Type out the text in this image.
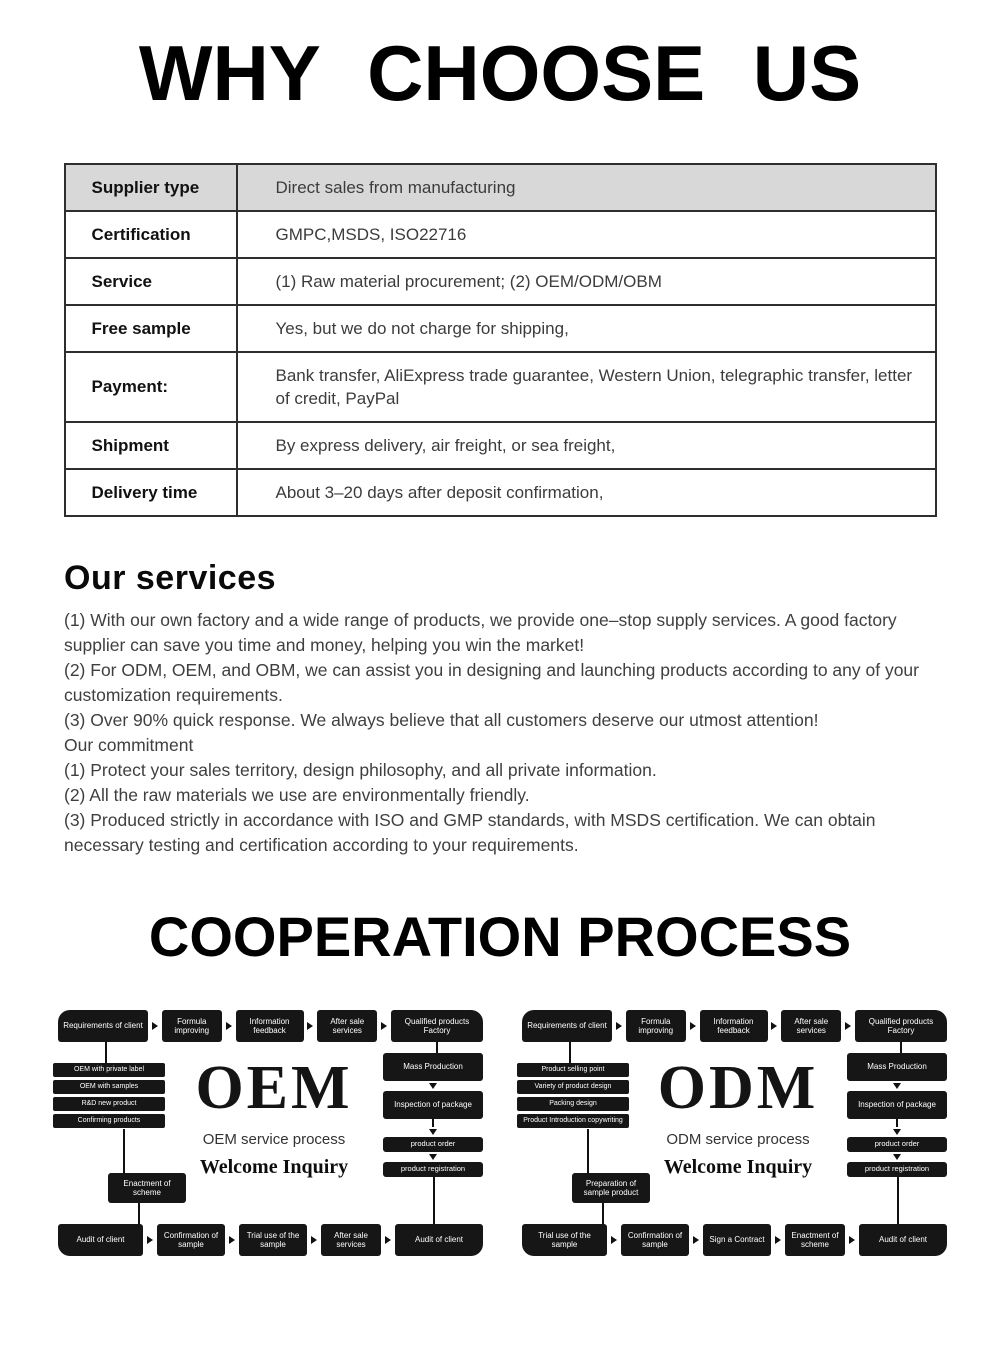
WHY CHOOSE US
Supplier type	Direct sales from manufacturing
Certification	GMPC,MSDS, ISO22716
Service	(1) Raw material procurement; (2) OEM/ODM/OBM
Free sample	Yes, but we do not charge for shipping,
Payment:	Bank transfer, AliExpress trade guarantee, Western Union, telegraphic transfer, letter of credit, PayPal
Shipment	By express delivery, air freight, or sea freight,
Delivery time	About 3–20 days after deposit confirmation,
Our services

(1) With our own factory and a wide range of products, we provide one–stop supply services. A good factory supplier can save you time and money, helping you win the market!

(2) For ODM, OEM, and OBM, we can assist you in designing and launching products according to any of your customization requirements.

(3) Over 90% quick response. We always believe that all customers deserve our utmost attention!

Our commitment

(1) Protect your sales territory, design philosophy, and all private information.

(2) All the raw materials we use are environmentally friendly.

(3) Produced strictly in accordance with ISO and GMP standards, with MSDS certification. We can obtain necessary testing and certification according to your requirements.

COOPERATION PROCESS
Requirements of client
Formula improving
Information feedback
After sale services
Qualified products Factory
OEM with private label
OEM with samples
R&D new product
Confirming products OEM
OEM service process
Welcome Inquiry
Mass Production
Inspection of package
product order
product registration
Enactment of scheme
Audit of client
Confirmation of sample
Trial use of the sample
After sale services
Audit of client
Requirements of client
Formula improving
Information feedback
After sale services
Qualified products Factory
Product selling point
Variety of product design
Packing design
Product Introduction copywriting ODM
ODM service process
Welcome Inquiry
Mass Production
Inspection of package
product order
product registration
Preparation of sample product
Trial use of the sample
Confirmation of sample
Sign a Contract
Enactment of scheme
Audit of client
